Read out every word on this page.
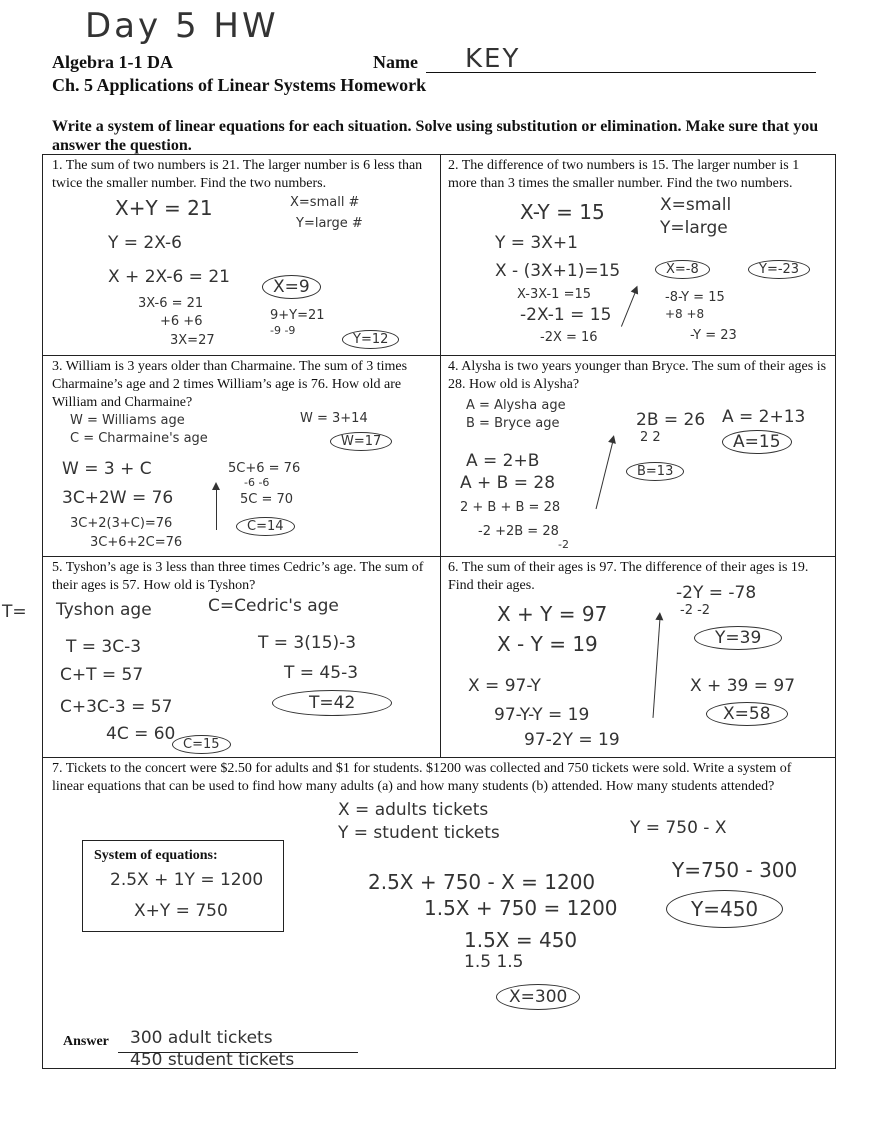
Day 5 HW
Algebra 1-1 DA	Name KEY
Ch. 5 Applications of Linear Systems Homework
Write a system of linear equations for each situation. Solve using substitution or elimination. Make sure that you answer the question.
1. The sum of two numbers is 21. The larger number is 6 less than twice the smaller number. Find the two numbers.
X+Y = 21
Y = 2X-6
X + 2X-6 = 21
3X-6 = 21
+6 +6
3X=27
X=small #
Y=large #
9+Y=21
-9 -9
X=9
Y=12
2. The difference of two numbers is 15. The larger number is 1 more than 3 times the smaller number. Find the two numbers.
X-Y = 15
Y = 3X+1
X - (3X+1)=15
X-3X-1 =15
-2X-1 = 15
-2X = 16
X=small
Y=large
-8-Y = 15
+8 +8
-Y = 23
X=-8	Y=-23
3. William is 3 years older than Charmaine. The sum of 3 times Charmaine’s age and 2 times William’s age is 76. How old are William and Charmaine?
W = Williams age
C = Charmaine's age
W = 3 + C
3C+2W = 76
3C+2(3+C)=76
3C+6+2C=76
5C+6 = 76
-6 -6
5C = 70
W = 3+14
C=14
W=17
4. Alysha is two years younger than Bryce. The sum of their ages is 28. How old is Alysha?
A = Alysha age
B = Bryce age
A = 2+B
A + B = 28
2 + B + B = 28
-2 +2B = 28
-2
2B = 26
2 2
A = 2+13
B=13
A=15
5. Tyshon’s age is 3 less than three times Cedric’s age. The sum of their ages is 57. How old is Tyshon?
T= Tyshon age	C=Cedric's age
T = 3C-3
C+T = 57
C+3C-3 = 57
4C = 60
T = 3(15)-3
T = 45-3
C=15
T=42
6. The sum of their ages is 97. The difference of their ages is 19. Find their ages.
X + Y = 97
X - Y = 19
X = 97-Y
97-Y-Y = 19
97-2Y = 19
-2Y = -78
-2 -2
X + 39 = 97
Y=39
X=58
7. Tickets to the concert were $2.50 for adults and $1 for students. $1200 was collected and 750 tickets were sold. Write a system of linear equations that can be used to find how many adults (a) and how many students (b) attended. How many students attended?
X = adults tickets
Y = student tickets	Y = 750 - X
2.5X + 750 - X = 1200
1.5X + 750 = 1200
1.5X = 450
1.5 1.5
Y=750 - 300
X=300
Y=450
System of equations:
2.5X + 1Y = 1200
X+Y = 750
Answer 300 adult tickets
450 student tickets
